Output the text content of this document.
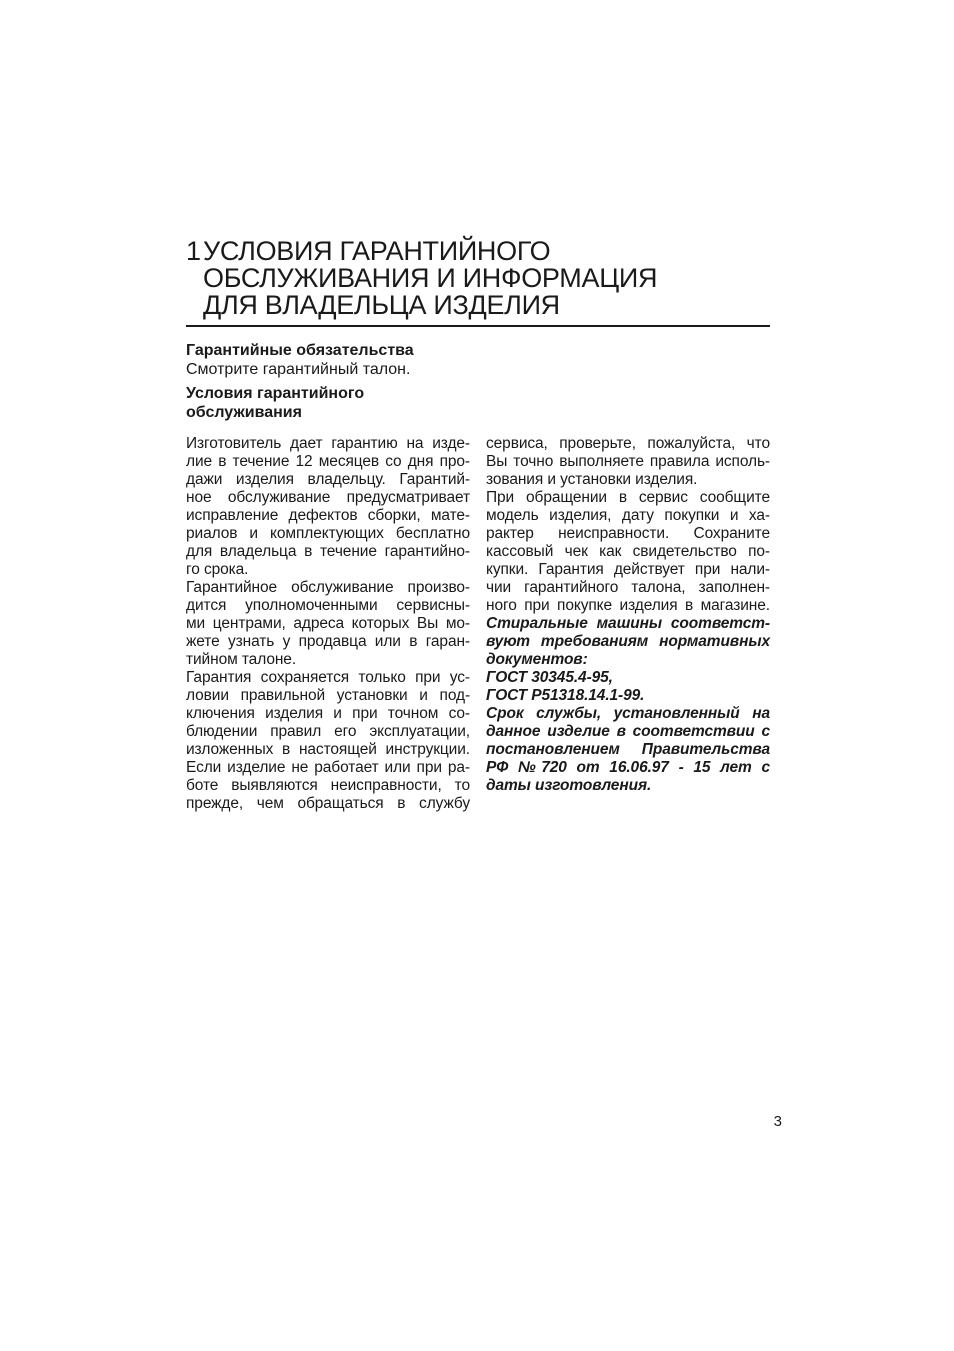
1 УСЛОВИЯ ГАРАНТИЙНОГО
ОБСЛУЖИВАНИЯ И ИНФОРМАЦИЯ
ДЛЯ ВЛАДЕЛЬЦА ИЗДЕЛИЯ
Гарантийные обязательства
Смотрите гарантийный талон.
Условия гарантийного
обслуживания
Изготовитель дает гарантию на изде-
лие в течение 12 месяцев со дня про-
дажи изделия владельцу. Гарантий-
ное обслуживание предусматривает
исправление дефектов сборки, мате-
риалов и комплектующих бесплатно
для владельца в течение гарантийно-
го срока.
Гарантийное обслуживание произво-
дится уполномоченными сервисны-
ми центрами, адреса которых Вы мо-
жете узнать у продавца или в гаран-
тийном талоне.
Гарантия сохраняется только при ус-
ловии правильной установки и под-
ключения изделия и при точном со-
блюдении правил его эксплуатации,
изложенных в настоящей инструкции.
Если изделие не работает или при ра-
боте выявляются неисправности, то
прежде, чем обращаться в службу
сервиса, проверьте, пожалуйста, что
Вы точно выполняете правила исполь-
зования и установки изделия.
При обращении в сервис сообщите
модель изделия, дату покупки и ха-
рактер неисправности. Сохраните
кассовый чек как свидетельство по-
купки. Гарантия действует при нали-
чии гарантийного талона, заполнен-
ного при покупке изделия в магазине.
Стиральные машины соответст-
вуют требованиям нормативных
документов:
ГОСТ 30345.4-95,
ГОСТ Р51318.14.1-99.
Срок службы, установленный на
данное изделие в соответствии с
постановлением Правительства
РФ №720 от 16.06.97 - 15 лет с
даты изготовления.
3
